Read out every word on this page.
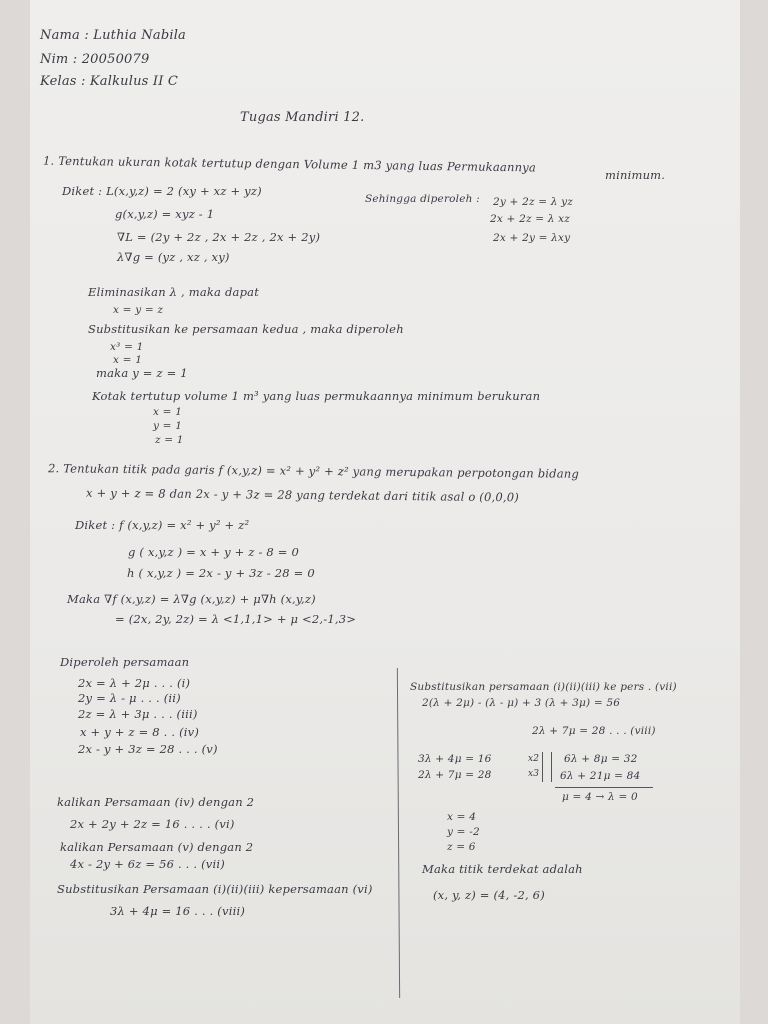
Nama : Luthia Nabila
Nim : 20050079
Kelas : Kalkulus II C
Tugas Mandiri 12.
1. Tentukan ukuran kotak tertutup dengan Volume 1 m3 yang luas Permukaannya
minimum.
Diket : L(x,y,z) = 2 (xy + xz + yz)
g(x,y,z) = xyz - 1
∇L = (2y + 2z , 2x + 2z , 2x + 2y)
λ∇g = (yz , xz , xy)
Sehingga diperoleh : 2y + 2z = λ yz
2x + 2z = λ xz
2x + 2y = λxy
Eliminasikan λ , maka dapat
x = y = z
Substitusikan ke persamaan kedua , maka diperoleh
x³ = 1
x = 1
maka y = z = 1
Kotak tertutup volume 1 m³ yang luas permukaannya minimum berukuran
x = 1
y = 1
z = 1
2. Tentukan titik pada garis f (x,y,z) = x² + y² + z² yang merupakan perpotongan bidang
x + y + z = 8 dan 2x - y + 3z = 28 yang terdekat dari titik asal o (0,0,0)
Diket : f (x,y,z) = x² + y² + z²
g ( x,y,z ) = x + y + z - 8 = 0
h ( x,y,z ) = 2x - y + 3z - 28 = 0
Maka ∇f (x,y,z) = λ∇g (x,y,z) + μ∇h (x,y,z)
= (2x, 2y, 2z) = λ <1,1,1> + μ <2,-1,3>
Diperoleh persamaan
2x = λ + 2μ . . . (i)
2y = λ - μ . . . (ii)
2z = λ + 3μ . . . (iii)
x + y + z = 8 . . (iv)
2x - y + 3z = 28 . . . (v)
kalikan Persamaan (iv) dengan 2
2x + 2y + 2z = 16 . . . . (vi)
kalikan Persamaan (v) dengan 2
4x - 2y + 6z = 56 . . . (vii)
Substitusikan Persamaan (i)(ii)(iii) kepersamaan (vi)
3λ + 4μ = 16 . . . (viii)
Substitusikan persamaan (i)(ii)(iii) ke pers . (vii)
2(λ + 2μ) - (λ - μ) + 3 (λ + 3μ) = 56
2λ + 7μ = 28 . . . (viii)
3λ + 4μ = 16
2λ + 7μ = 28
x2
x3
6λ + 8μ = 32
6λ + 21μ = 84
μ = 4 → λ = 0
x = 4
y = -2
z = 6
Maka titik terdekat adalah
(x, y, z) = (4, -2, 6)
